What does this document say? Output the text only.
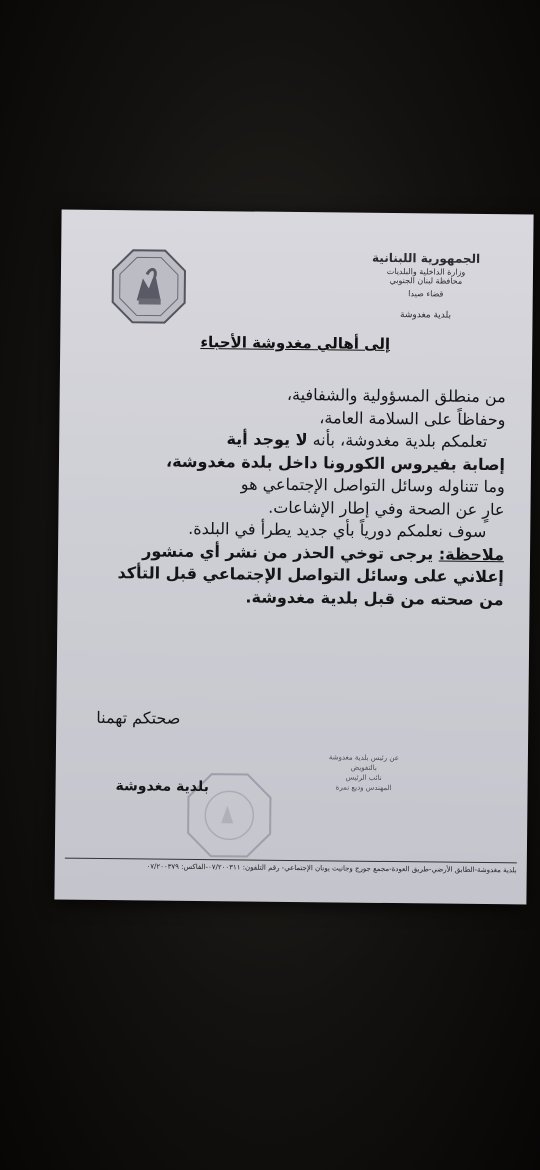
الجمهورية اللبنانية
وزارة الداخلية والبلديات
محافظة لبنان الجنوبي
قضاء صيدا
بلدية مغدوشة
إلى أهالي مغدوشة الأحباء

من منطلق المسؤولية والشفافية،

وحفاظاً على السلامة العامة،

تعلمكم بلدية مغدوشة، بأنه لا يوجد أية

إصابة بفيروس الكورونا داخل بلدة مغدوشة،

وما تتناوله وسائل التواصل الإجتماعي هو

عارٍ عن الصحة وفي إطار الإشاعات.

سوف نعلمكم دورياً بأي جديد يطرأ في البلدة.

ملاحظة: يرجى توخي الحذر من نشر أي منشور

إعلاني على وسائل التواصل الإجتماعي قبل التأكد

من صحته من قبل بلدية مغدوشة.

صحتكم تهمنا
عن رئيس بلدية مغدوشة
بالتفويض
نائب الرئيس
المهندس وديع نمرة
بلدية مغدوشة
بلدية مغدوشة-الطابق الأرضي-طريق العودة-مجمع جورج وجانيت يونان الإجتماعي- رقم التلفون: ٠٧/٢٠٠٣١١-الفاكس: ٠٧/٢٠٠٣٧٩
